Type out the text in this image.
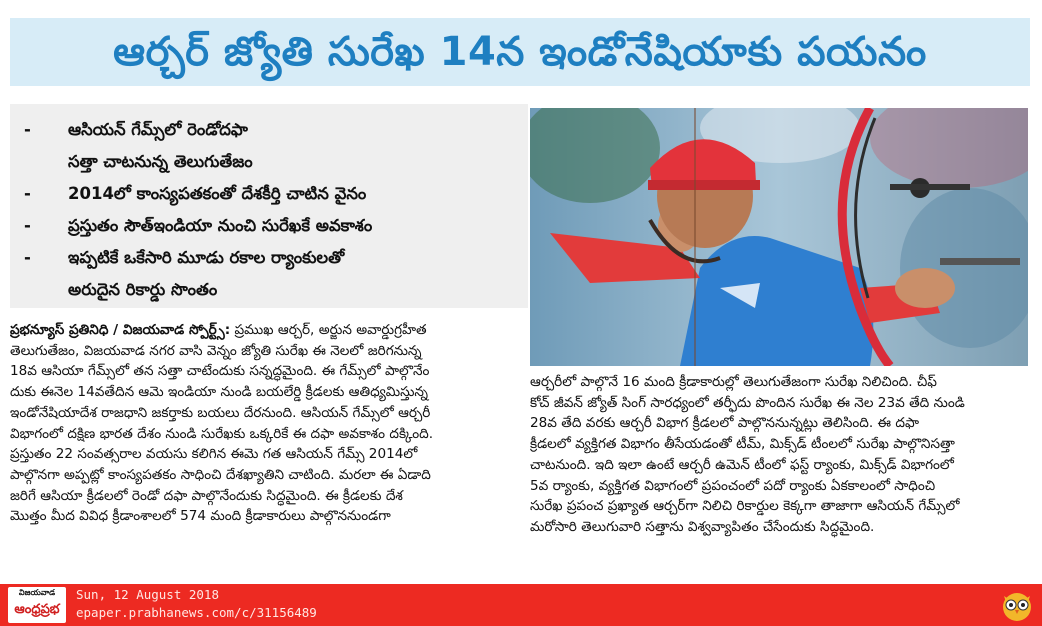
ఆర్చర్ జ్యోతి సురేఖ 14న ఇండోనేషియాకు పయనం
- ఆసియన్ గేమ్స్‌లో రెండోదఫా
సత్తా చాటనున్న తెలుగుతేజం
- 2014లో కాంస్యపతకంతో దేశకీర్తి చాటిన వైనం
- ప్రస్తుతం సౌత్‌ఇండియా నుంచి సురేఖకే అవకాశం
- ఇప్పటికే ఒకేసారి మూడు రకాల ర్యాంకులతో
అరుదైన రికార్డు సొంతం

ప్రభన్యూస్ ప్రతినిధి / విజయవాడ స్పోర్ట్స్: ప్రముఖ ఆర్చర్, అర్జున అవార్డుగ్రహీత

తెలుగుతేజం, విజయవాడ నగర వాసి వెన్నం జ్యోతి సురేఖ ఈ నెలలో జరిగనున్న

18వ ఆసియా గేమ్స్‌లో తన సత్తా చాటేందుకు సన్నద్ధమైంది. ఈ గేమ్స్‌లో పాల్గొనేం

దుకు ఈనెల 14వతేదిన ఆమె ఇండియా నుండి బయలేర్డి క్రీడలకు ఆతిధ్యమిస్తున్న

ఇండోనేషియాదేశ రాజధాని జకర్తాకు బయలు దేరనుంది. ఆసియన్ గేమ్స్‌లో ఆర్చరీ

విభాగంలో దక్షిణ భారత దేశం నుండి సురేఖకు ఒక్కరికే ఈ దఫా అవకాశం దక్కింది.

ప్రస్తుతం 22 సంవత్సరాల వయసు కలిగిన ఈమె గత ఆసియన్ గేమ్స్ 2014లో

పాల్గొనగా అప్పట్లో కాంస్యపతకం సాధించి దేశఖ్యాతిని చాటింది. మరలా ఈ ఏడాది

జరిగే ఆసియా క్రీడలలో రెండో దఫా పాల్గొనేందుకు సిద్ధమైంది. ఈ క్రీడలకు దేశ

మొత్తం మీద వివిధ క్రీడాంశాలలో 574 మంది క్రీడాకారులు పాల్గొననుండగా

ఆర్చరీలో పాల్గొనే 16 మంది క్రీడాకారుల్లో తెలుగుతేజంగా సురేఖ నిలిచింది. చీఫ్

కోచ్ జీవన్ జ్యోత్ సింగ్ సారధ్యంలో తర్ఫీదు పొందిన సురేఖ ఈ నెల 23వ తేది నుండి

28వ తేది వరకు ఆర్చరీ విభాగ క్రీడలలో పాల్గొననున్నట్లు తెలిసింది. ఈ దఫా

క్రీడలలో వ్యక్తిగత విభాగం తీసేయడంతో టీమ్, మిక్స్‌డ్ టీంలలో సురేఖ పాల్గొనిసత్తా

చాటనుంది. ఇది ఇలా ఉంటే ఆర్చరీ ఉమెన్ టీంలో ఫస్ట్ ర్యాంకు, మిక్స్‌డ్ విభాగంలో

5వ ర్యాంకు, వ్యక్తిగత విభాగంలో ప్రపంచంలో పదో ర్యాంకు ఏకకాలంలో సాధించి

సురేఖ ప్రపంచ ప్రఖ్యాత ఆర్చర్‌గా నిలిచి రికార్డుల కెక్కగా తాజాగా ఆసియన్ గేమ్స్‌లో

మరోసారి తెలుగువారి సత్తాను విశ్వవ్యాపితం చేసేందుకు సిద్ధమైంది.

విజయవాడ
ఆంధ్రప్రభ
Sun, 12 August 2018
epaper.prabhanews.com/c/31156489
